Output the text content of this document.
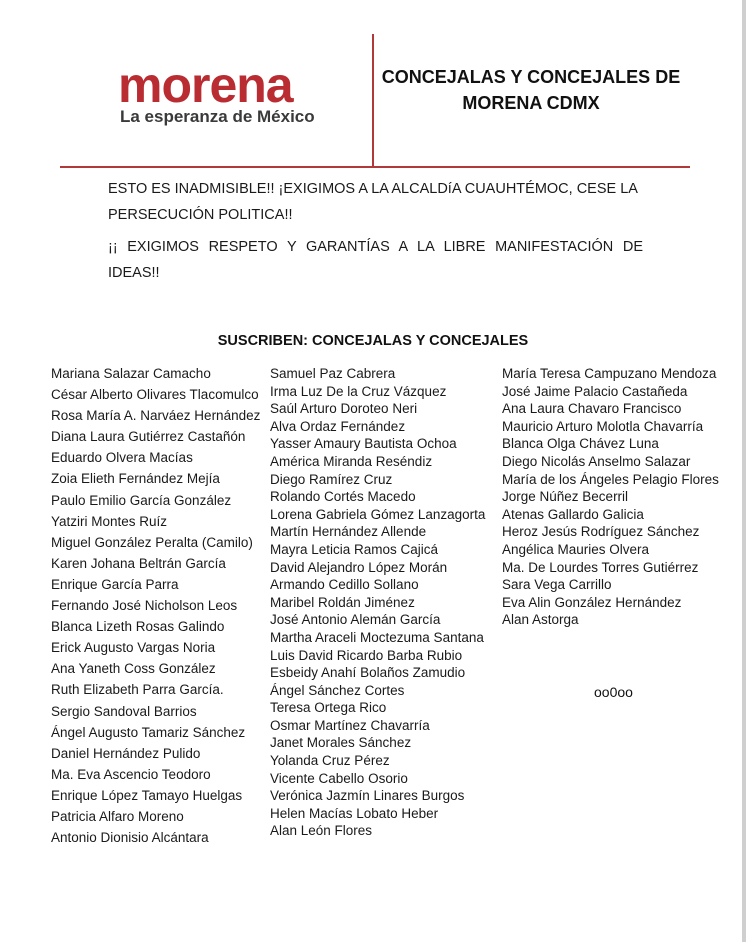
morena
La esperanza de México
CONCEJALAS Y CONCEJALES DE
MORENA CDMX
ESTO ES INADMISIBLE!! ¡EXIGIMOS A LA ALCALDíA CUAUHTÉMOC, CESE LA PERSECUCIÓN POLITICA!!
¡¡ EXIGIMOS RESPETO Y GARANTÍAS A LA LIBRE MANIFESTACIÓN DE IDEAS!!
SUSCRIBEN: CONCEJALAS Y CONCEJALES
Mariana Salazar Camacho
César Alberto Olivares Tlacomulco
Rosa María A. Narváez Hernández
Diana Laura Gutiérrez Castañón
Eduardo Olvera Macías
Zoia Elieth Fernández Mejía
Paulo Emilio García González
Yatziri Montes Ruíz
Miguel González Peralta (Camilo)
Karen Johana Beltrán García
Enrique García Parra
Fernando José Nicholson Leos
Blanca Lizeth Rosas Galindo
Erick Augusto Vargas Noria
Ana Yaneth Coss González
Ruth Elizabeth Parra García.
Sergio Sandoval Barrios
Ángel Augusto Tamariz Sánchez
Daniel Hernández Pulido
Ma. Eva Ascencio Teodoro
Enrique López Tamayo Huelgas
Patricia Alfaro Moreno
Antonio Dionisio Alcántara
Samuel Paz Cabrera
Irma Luz De la Cruz Vázquez
Saúl Arturo Doroteo Neri
Alva Ordaz Fernández
Yasser Amaury Bautista Ochoa
América Miranda Reséndiz
Diego Ramírez Cruz
Rolando Cortés Macedo
Lorena Gabriela Gómez Lanzagorta
Martín Hernández Allende
Mayra Leticia Ramos Cajicá
David Alejandro López Morán
Armando Cedillo Sollano
Maribel Roldán Jiménez
José Antonio Alemán García
Martha Araceli Moctezuma Santana
Luis David Ricardo Barba Rubio
Esbeidy Anahí Bolaños Zamudio
Ángel Sánchez Cortes
Teresa Ortega Rico
Osmar Martínez Chavarría
Janet Morales Sánchez
Yolanda Cruz Pérez
Vicente Cabello Osorio
Verónica Jazmín Linares Burgos
Helen Macías Lobato Heber
Alan León Flores
María Teresa Campuzano Mendoza
José Jaime Palacio Castañeda
Ana Laura Chavaro Francisco
Mauricio Arturo Molotla Chavarría
Blanca Olga Chávez Luna
Diego Nicolás Anselmo Salazar
María de los Ángeles Pelagio Flores
Jorge Núñez Becerril
Atenas Gallardo Galicia
Heroz Jesús Rodríguez Sánchez
Angélica Mauries Olvera
Ma. De Lourdes Torres Gutiérrez
Sara Vega Carrillo
Eva Alin González Hernández
Alan Astorga
oo0oo
